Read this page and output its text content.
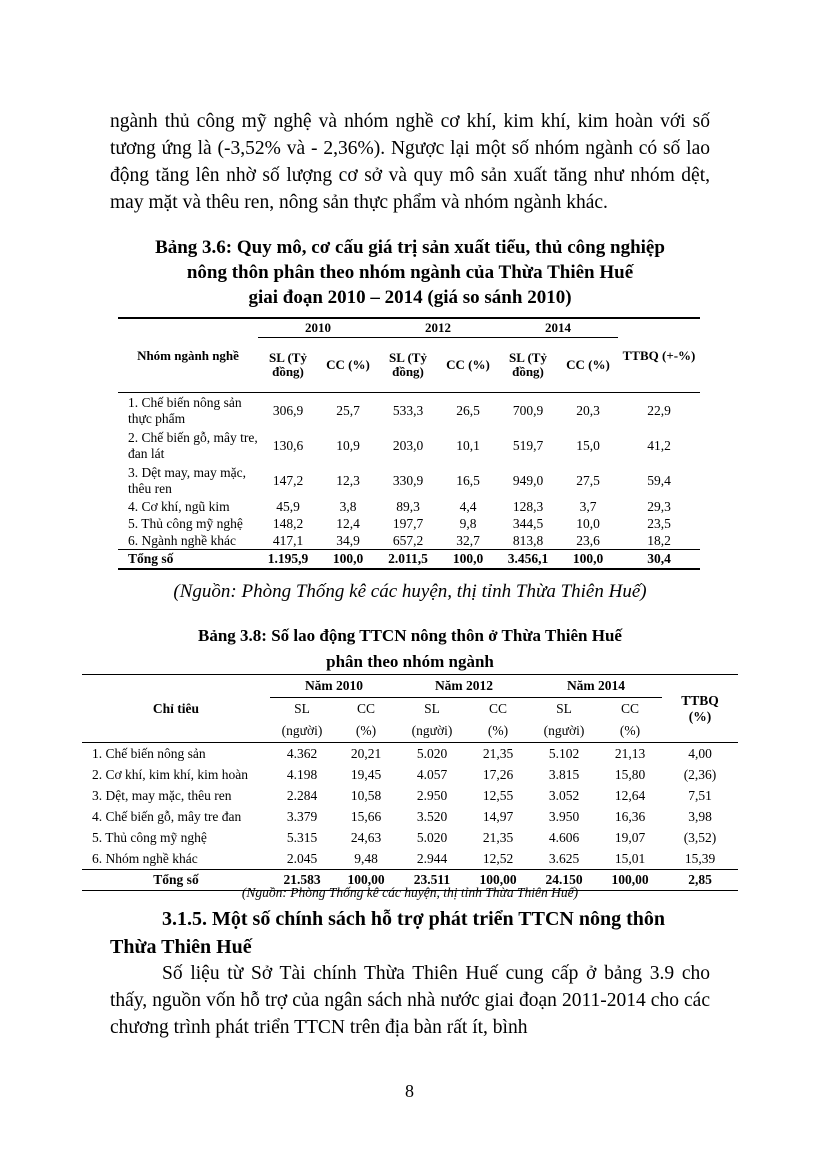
ngành thủ công mỹ nghệ và nhóm nghề cơ khí, kim khí, kim hoàn với số tương ứng là (-3,52% và - 2,36%). Ngược lại một số nhóm ngành có số lao động tăng lên nhờ số lượng cơ sở và quy mô sản xuất tăng như nhóm dệt, may mặt và thêu ren, nông sản thực phẩm và nhóm ngành khác.

Bảng 3.6: Quy mô, cơ cấu giá trị sản xuất tiểu, thủ công nghiệp

nông thôn phân theo nhóm ngành của Thừa Thiên Huế

giai đoạn 2010 – 2014 (giá so sánh 2010)

Nhóm ngành nghề	2010		2012		2014		TTBQ (+-%)
	SL (Tỷ đồng)	CC (%)	SL (Tỷ đồng)	CC (%)	SL (Tỷ đồng)	CC (%)	
1. Chế biến nông sản thực phẩm	306,9	25,7	533,3	26,5	700,9	20,3	22,9
2. Chế biến gỗ, mây tre, đan lát	130,6	10,9	203,0	10,1	519,7	15,0	41,2
3. Dệt may, may mặc, thêu ren	147,2	12,3	330,9	16,5	949,0	27,5	59,4
4. Cơ khí, ngũ kim	45,9	3,8	89,3	4,4	128,3	3,7	29,3
5. Thủ công mỹ nghệ	148,2	12,4	197,7	9,8	344,5	10,0	23,5
6. Ngành nghề khác	417,1	34,9	657,2	32,7	813,8	23,6	18,2
Tổng số	1.195,9	100,0	2.011,5	100,0	3.456,1	100,0	30,4

(Nguồn: Phòng Thống kê các huyện, thị tỉnh Thừa Thiên Huế)

Bảng 3.8: Số lao động TTCN nông thôn ở Thừa Thiên Huế

phân theo nhóm ngành

Chỉ tiêu	Năm 2010		Năm 2012		Năm 2014		TTBQ
(%)

	SL	CC	SL	CC	SL	CC	
	(người)	(%)	(người)	(%)	(người)	(%)	
1. Chế biến nông sản	4.362	20,21	5.020	21,35	5.102	21,13	4,00
2. Cơ khí, kim khí, kim hoàn	4.198	19,45	4.057	17,26	3.815	15,80	(2,36)
3. Dệt, may mặc, thêu ren	2.284	10,58	2.950	12,55	3.052	12,64	7,51
4. Chế biến gỗ, mây tre đan	3.379	15,66	3.520	14,97	3.950	16,36	3,98
5. Thủ công mỹ nghệ	5.315	24,63	5.020	21,35	4.606	19,07	(3,52)
6. Nhóm nghề khác	2.045	9,48	2.944	12,52	3.625	15,01	15,39
Tổng số	21.583	100,00	23.511	100,00	24.150	100,00	2,85

(Nguồn: Phòng Thống kê các huyện, thị tỉnh Thừa Thiên Huế)

3.1.5. Một số chính sách hỗ trợ phát triển TTCN nông thôn Thừa Thiên Huế

Số liệu từ Sở Tài chính Thừa Thiên Huế cung cấp ở bảng 3.9 cho thấy, nguồn vốn hỗ trợ của ngân sách nhà nước giai đoạn 2011-2014 cho các chương trình phát triển TTCN trên địa bàn rất ít, bình

8
